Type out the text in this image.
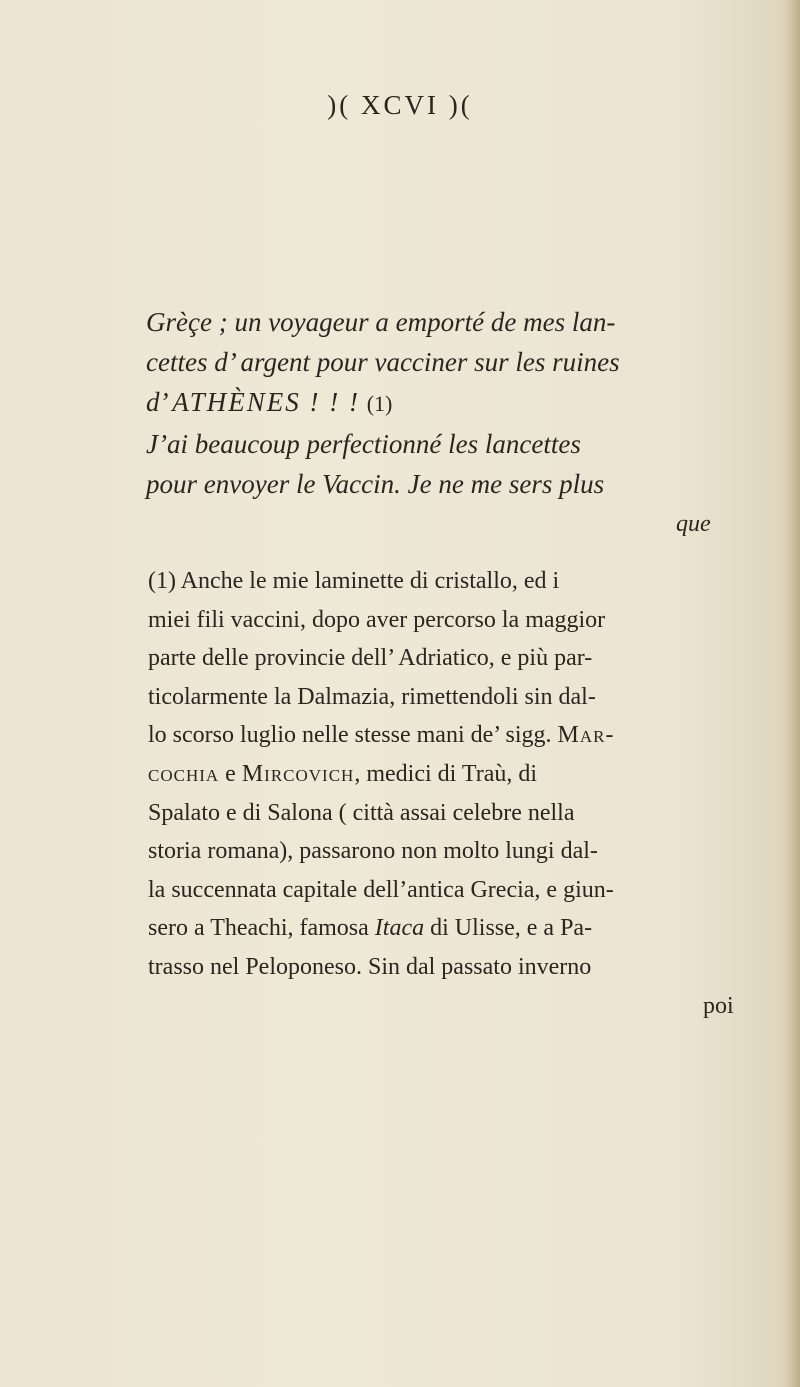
)( XCVI )(
Grèçe ; un voyageur a emporté de mes lan-
cettes d’ argent pour vacciner sur les ruines
d’ ATHÈNES ! ! ! (1)
J’ai beaucoup perfectionné les lancettes
pour envoyer le Vaccin. Je ne me sers plus
que
(1) Anche le mie laminette di cristallo, ed i
miei fili vaccini, dopo aver percorso la maggior
parte delle provincie dell’ Adriatico, e più par-
ticolarmente la Dalmazia, rimettendoli sin dal-
lo scorso luglio nelle stesse mani de’ sigg. Mar-
cochia e Mircovich, medici di Traù, di
Spalato e di Salona ( città assai celebre nella
storia romana), passarono non molto lungi dal-
la succennata capitale dell’antica Grecia, e giun-
sero a Theachi, famosa Itaca di Ulisse, e a Pa-
trasso nel Peloponeso. Sin dal passato inverno
poi
